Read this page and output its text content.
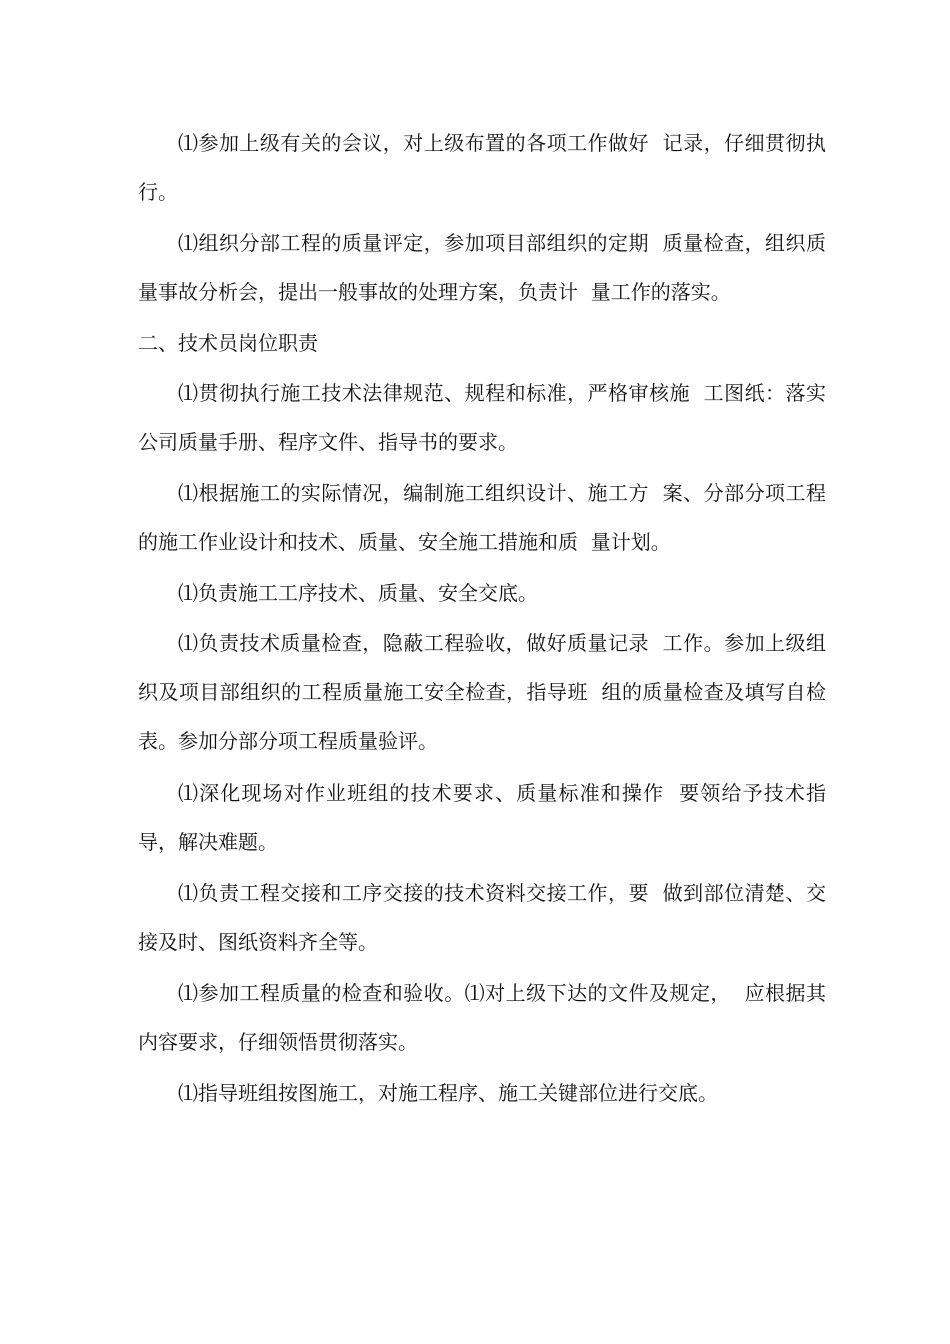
⑴参加上级有关的会议，对上级布置的各项工作做好  记录，仔细贯彻执行。

⑴组织分部工程的质量评定，参加项目部组织的定期  质量检查，组织质量事故分析会，提出一般事故的处理方案，负责计  量工作的落实。

二、技术员岗位职责

⑴贯彻执行施工技术法律规范、规程和标准，严格审核施  工图纸：落实公司质量手册、程序文件、指导书的要求。

⑴根据施工的实际情况，编制施工组织设计、施工方  案、分部分项工程的施工作业设计和技术、质量、安全施工措施和质  量计划。

⑴负责施工工序技术、质量、安全交底。

⑴负责技术质量检查，隐蔽工程验收，做好质量记录  工作。参加上级组织及项目部组织的工程质量施工安全检查，指导班  组的质量检查及填写自检表。参加分部分项工程质量验评。

⑴深化现场对作业班组的技术要求、质量标准和操作  要领给予技术指导，解决难题。

⑴负责工程交接和工序交接的技术资料交接工作，要  做到部位清楚、交接及时、图纸资料齐全等。

⑴参加工程质量的检查和验收。⑴对上级下达的文件及规定，  应根据其内容要求，仔细领悟贯彻落实。

⑴指导班组按图施工，对施工程序、施工关键部位进行交底。
